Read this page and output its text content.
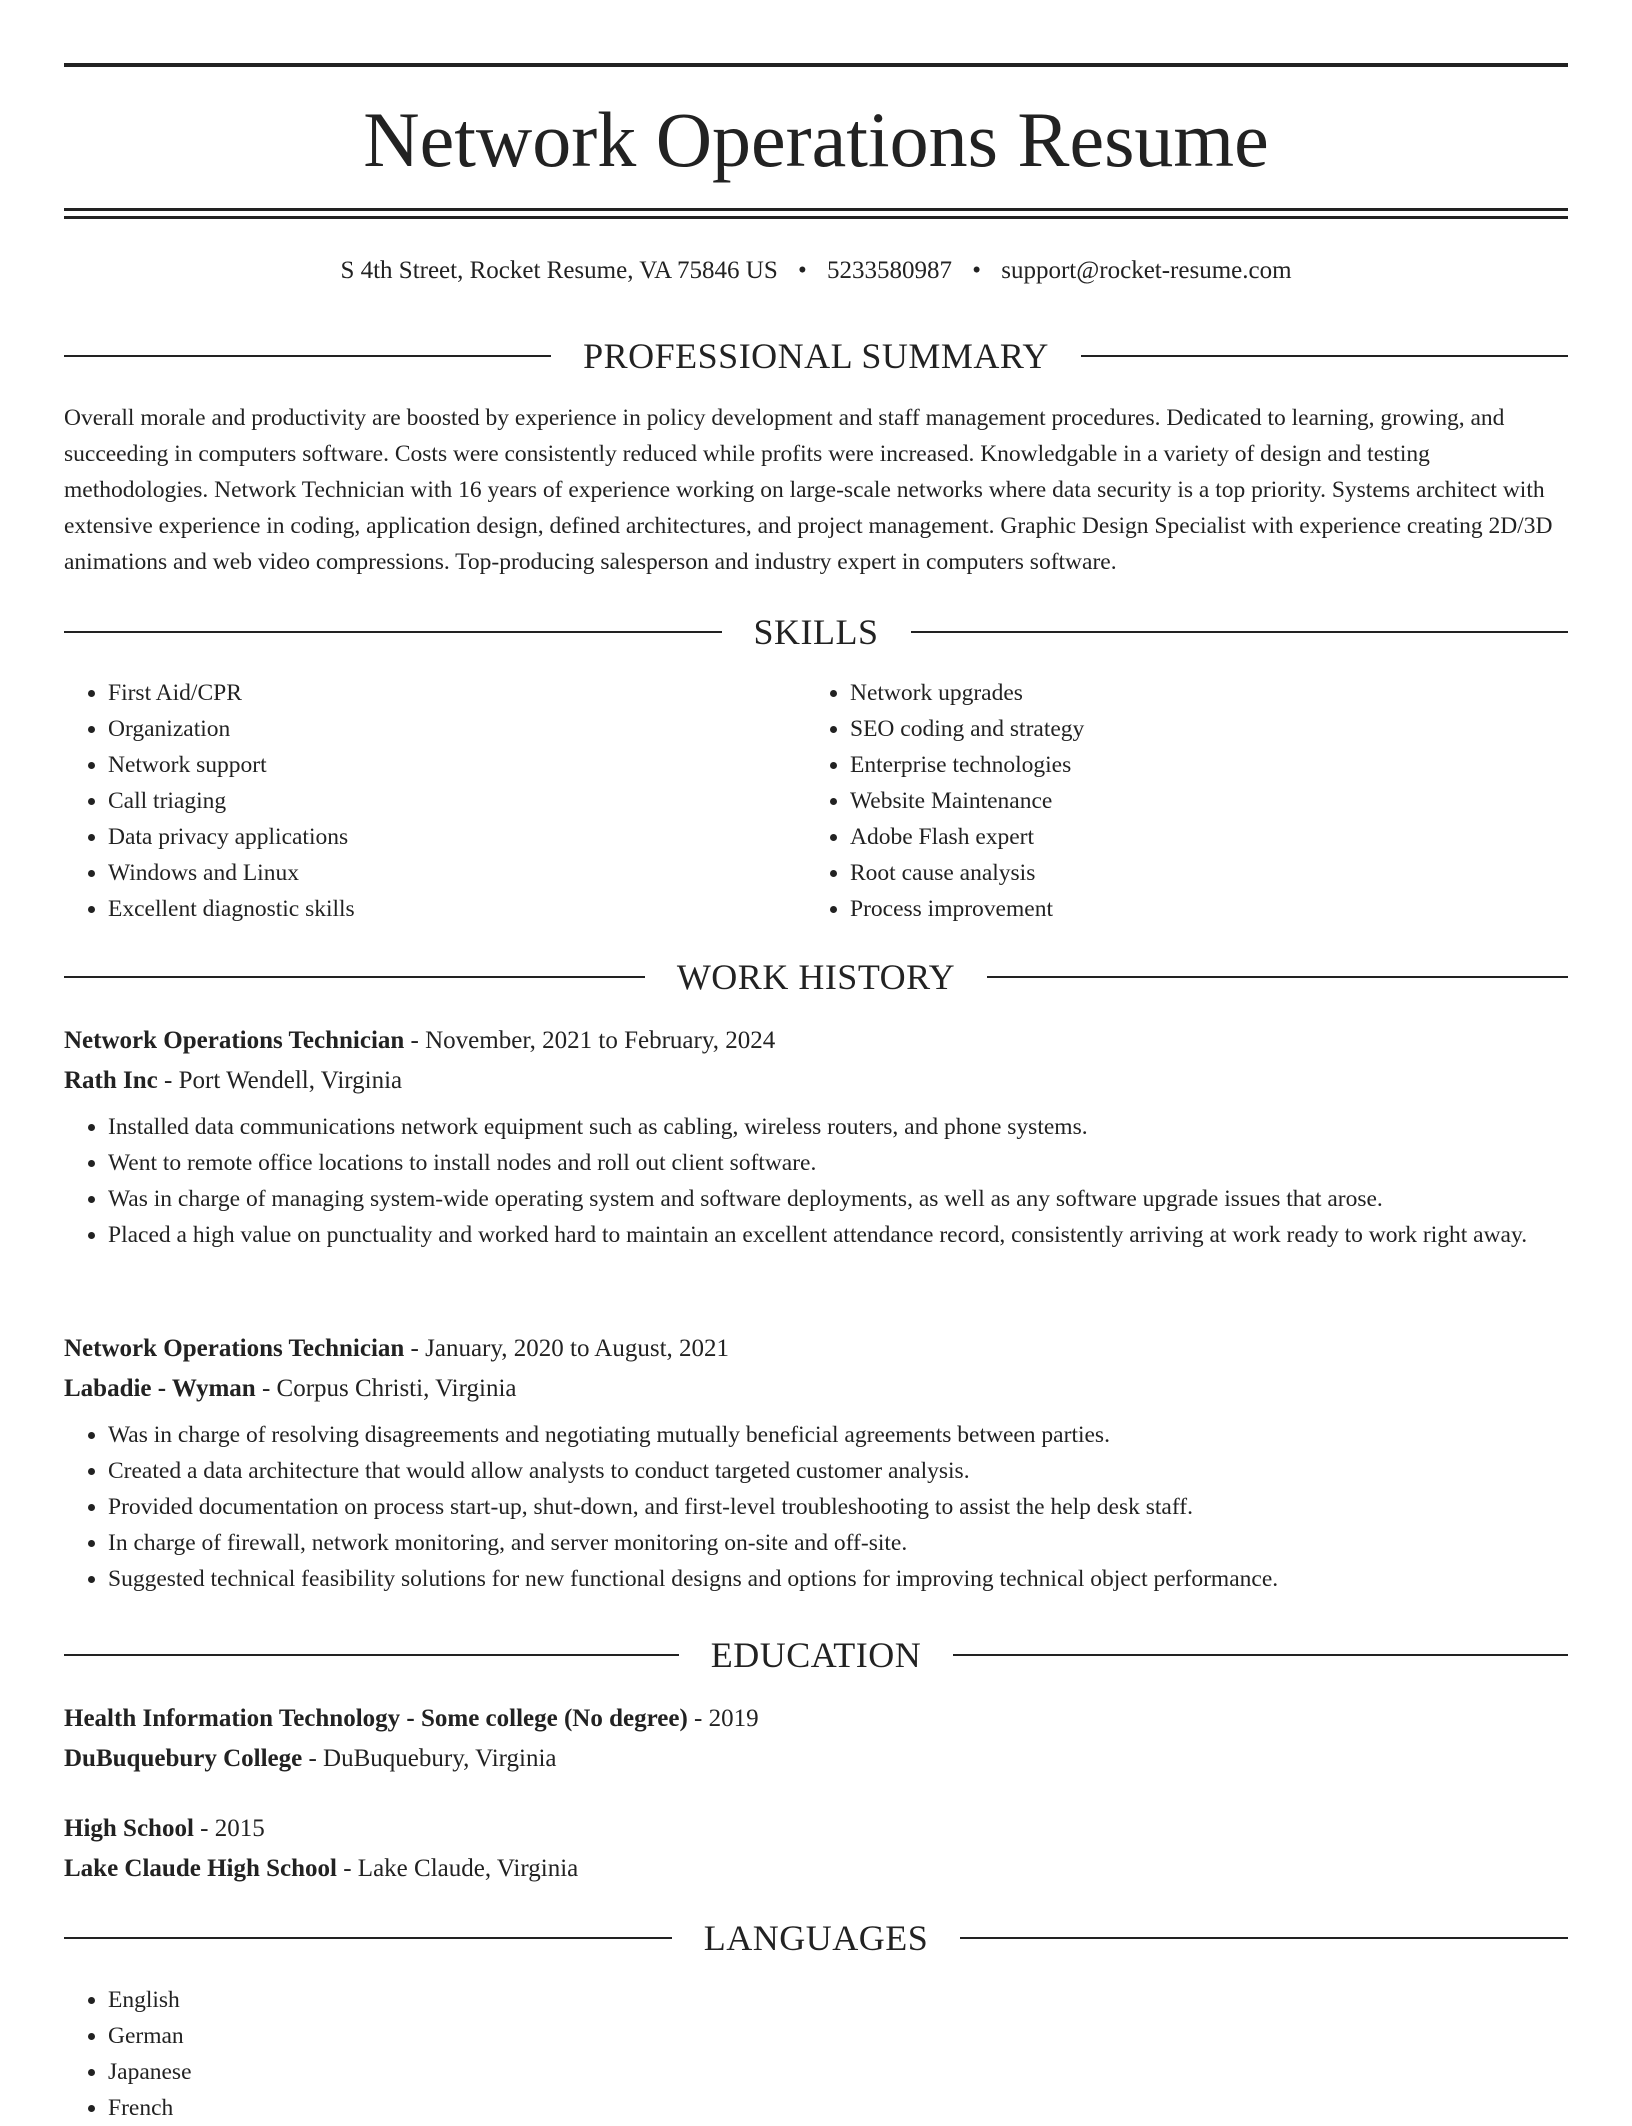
Network Operations Resume
S 4th Street, Rocket Resume, VA 75846 US • 5233580987 • support@rocket-resume.com
PROFESSIONAL SUMMARY

Overall morale and productivity are boosted by experience in policy development and staff management procedures. Dedicated to learning, growing, and succeeding in computers software. Costs were consistently reduced while profits were increased. Knowledgable in a variety of design and testing methodologies. Network Technician with 16 years of experience working on large-scale networks where data security is a top priority. Systems architect with extensive experience in coding, application design, defined architectures, and project management. Graphic Design Specialist with experience creating 2D/3D animations and web video compressions. Top-producing salesperson and industry expert in computers software.

SKILLS
• First Aid/CPR
• Organization
• Network support
• Call triaging
• Data privacy applications
• Windows and Linux
• Excellent diagnostic skills
• Network upgrades
• SEO coding and strategy
• Enterprise technologies
• Website Maintenance
• Adobe Flash expert
• Root cause analysis
• Process improvement
WORK HISTORY
Network Operations Technician - November, 2021 to February, 2024
Rath Inc - Port Wendell, Virginia
• Installed data communications network equipment such as cabling, wireless routers, and phone systems.
• Went to remote office locations to install nodes and roll out client software.
• Was in charge of managing system-wide operating system and software deployments, as well as any software upgrade issues that arose.
• Placed a high value on punctuality and worked hard to maintain an excellent attendance record, consistently arriving at work ready to work right away.
Network Operations Technician - January, 2020 to August, 2021
Labadie - Wyman - Corpus Christi, Virginia
• Was in charge of resolving disagreements and negotiating mutually beneficial agreements between parties.
• Created a data architecture that would allow analysts to conduct targeted customer analysis.
• Provided documentation on process start-up, shut-down, and first-level troubleshooting to assist the help desk staff.
• In charge of firewall, network monitoring, and server monitoring on-site and off-site.
• Suggested technical feasibility solutions for new functional designs and options for improving technical object performance.
EDUCATION
Health Information Technology - Some college (No degree) - 2019
DuBuquebury College - DuBuquebury, Virginia
High School - 2015
Lake Claude High School - Lake Claude, Virginia
LANGUAGES
• English
• German
• Japanese
• French
